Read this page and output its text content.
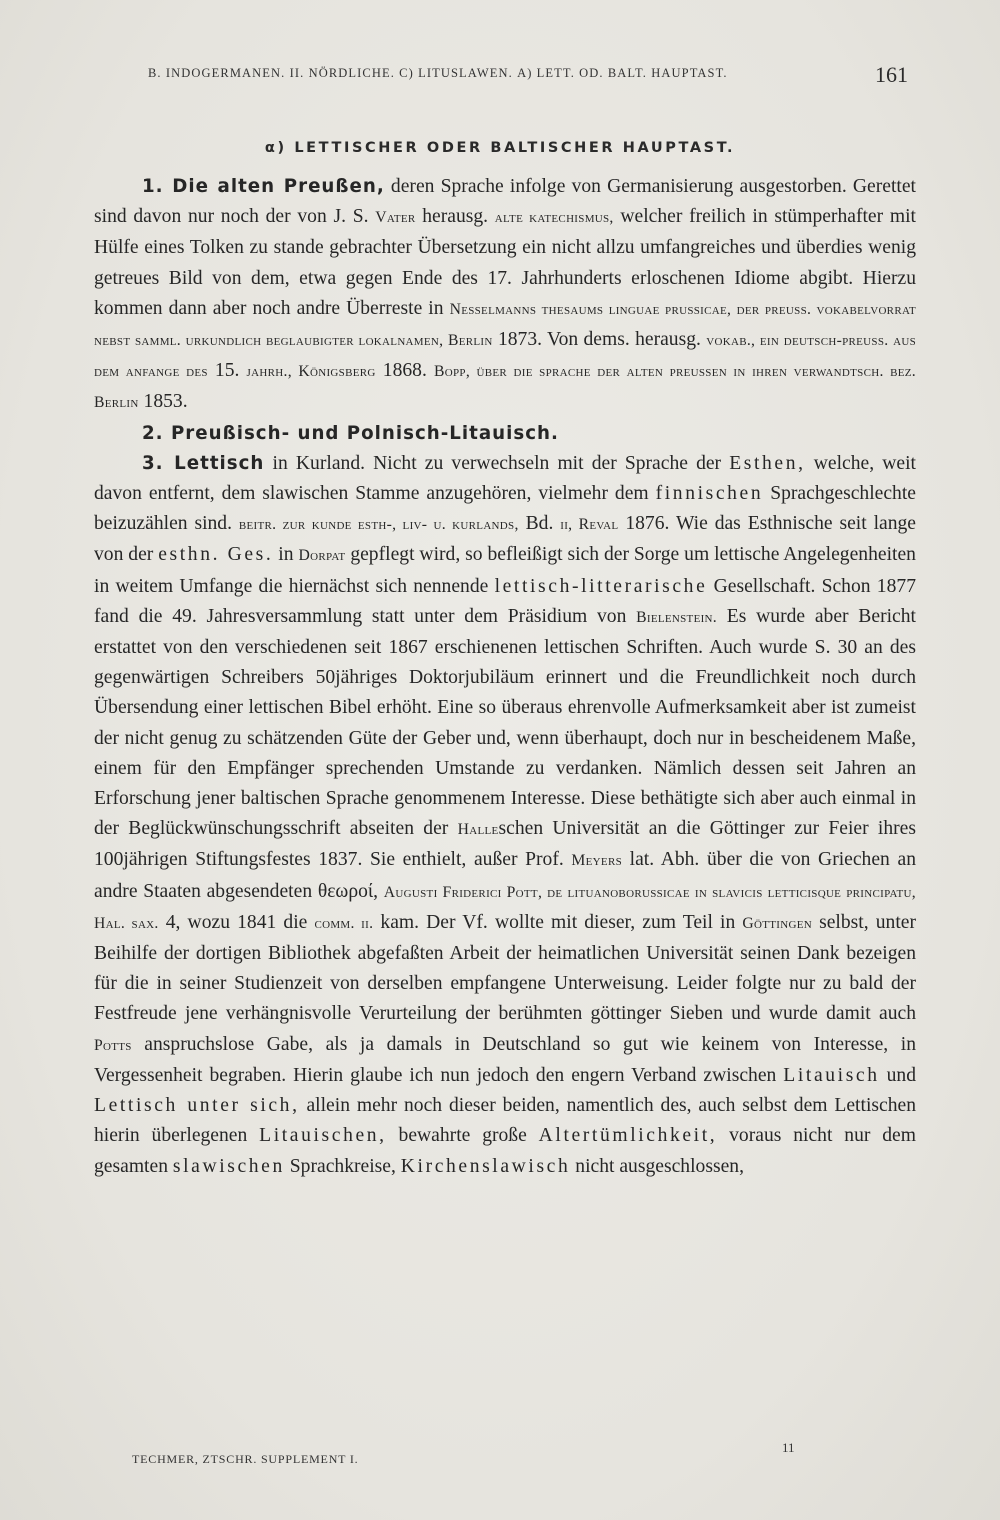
B. INDOGERMANEN. II. NÖRDLICHE. C) LITUSLAWEN. Α) LETT. OD. BALT. HAUPTAST.	161
α) LETTISCHER ODER BALTISCHER HAUPTAST.

1. Die alten Preußen, deren Sprache infolge von Germanisierung ausgestorben. Gerettet sind davon nur noch der von J. S. Vater herausg. alte katechismus, welcher freilich in stümperhafter mit Hülfe eines Tolken zu stande gebrachter Übersetzung ein nicht allzu umfangreiches und überdies wenig getreues Bild von dem, etwa gegen Ende des 17. Jahrhunderts erloschenen Idiome abgibt. Hierzu kommen dann aber noch andre Überreste in Nesselmanns thesaums linguae prussicae, der preuss. vokabelvorrat nebst samml. urkundlich beglaubigter lokalnamen, Berlin 1873. Von dems. herausg. vokab., ein deutsch-preuss. aus dem anfange des 15. jahrh., Königsberg 1868. Bopp, über die sprache der alten preussen in ihren verwandtsch. bez. Berlin 1853.

2. Preußisch- und Polnisch-Litauisch.

3. Lettisch in Kurland. Nicht zu verwechseln mit der Sprache der Esthen, welche, weit davon entfernt, dem slawischen Stamme anzugehören, vielmehr dem finnischen Sprachgeschlechte beizuzählen sind. beitr. zur kunde esth-, liv- u. kurlands, Bd. ii, Reval 1876. Wie das Esthnische seit lange von der esthn. Ges. in Dorpat gepflegt wird, so befleißigt sich der Sorge um lettische Angelegenheiten in weitem Umfange die hiernächst sich nennende lettisch-litterarische Gesellschaft. Schon 1877 fand die 49. Jahresversammlung statt unter dem Präsidium von Bielenstein. Es wurde aber Bericht erstattet von den verschiedenen seit 1867 erschienenen lettischen Schriften. Auch wurde S. 30 an des gegenwärtigen Schreibers 50jähriges Doktorjubiläum erinnert und die Freundlichkeit noch durch Übersendung einer lettischen Bibel erhöht. Eine so überaus ehrenvolle Aufmerksamkeit aber ist zumeist der nicht genug zu schätzenden Güte der Geber und, wenn überhaupt, doch nur in bescheidenem Maße, einem für den Empfänger sprechenden Umstande zu verdanken. Nämlich dessen seit Jahren an Erforschung jener baltischen Sprache genommenem Interesse. Diese bethätigte sich aber auch einmal in der Beglückwünschungsschrift abseiten der Halleschen Universität an die Göttinger zur Feier ihres 100jährigen Stiftungsfestes 1837. Sie enthielt, außer Prof. Meyers lat. Abh. über die von Griechen an andre Staaten abgesendeten θεωροί, Augusti Friderici Pott, de lituanoborussicae in slavicis letticisque principatu, Hal. sax. 4, wozu 1841 die comm. ii. kam. Der Vf. wollte mit dieser, zum Teil in Göttingen selbst, unter Beihilfe der dortigen Bibliothek abgefaßten Arbeit der heimatlichen Universität seinen Dank bezeigen für die in seiner Studienzeit von derselben empfangene Unterweisung. Leider folgte nur zu bald der Festfreude jene verhängnisvolle Verurteilung der berühmten göttinger Sieben und wurde damit auch Potts anspruchslose Gabe, als ja damals in Deutschland so gut wie keinem von Interesse, in Vergessenheit begraben. Hierin glaube ich nun jedoch den engern Verband zwischen Litauisch und Lettisch unter sich, allein mehr noch dieser beiden, namentlich des, auch selbst dem Lettischen hierin überlegenen Litauischen, bewahrte große Altertümlichkeit, voraus nicht nur dem gesamten slawischen Sprachkreise, Kirchenslawisch nicht ausgeschlossen,

TECHMER, ZTSCHR. SUPPLEMENT I.
11
